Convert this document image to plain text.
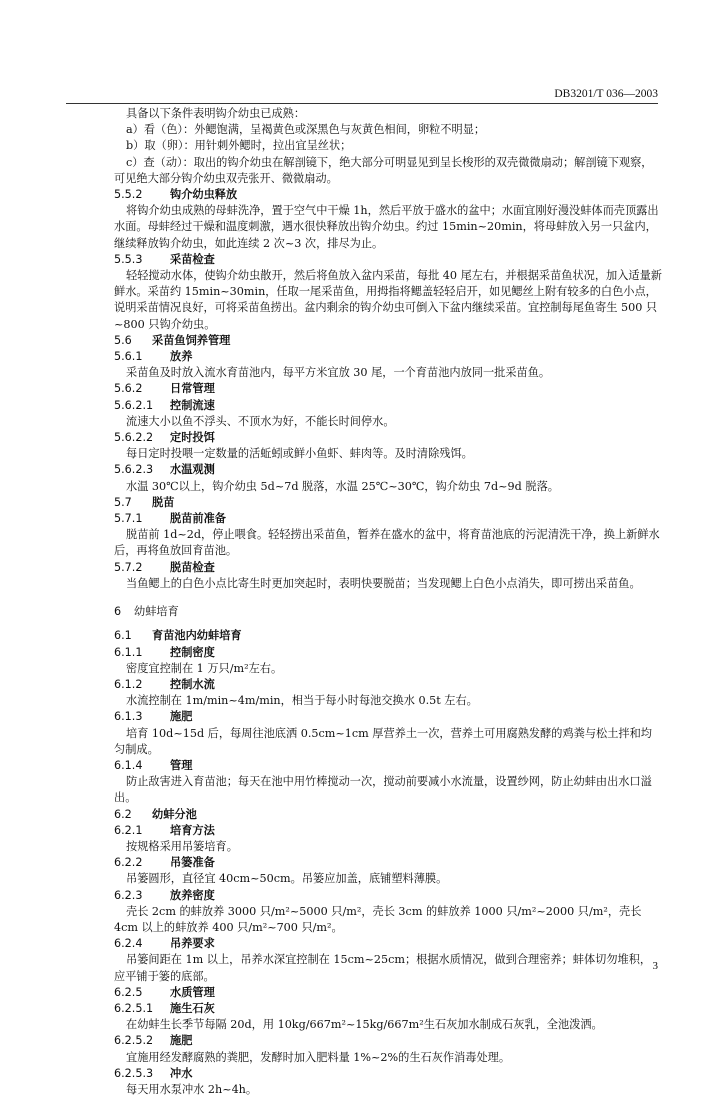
DB3201/T 036—2003

具备以下条件表明钩介幼虫已成熟：

a）看（色）：外鳃饱满，呈褐黄色或深黑色与灰黄色相间，卵粒不明显；

b）取（卵）：用针刺外鳃时，拉出宜呈丝状；

c）查（动）：取出的钩介幼虫在解剖镜下，绝大部分可明显见到呈长梭形的双壳微微扇动；解剖镜下观察，可见绝大部分钩介幼虫双壳张开、微微扇动。

5.5.2 钩介幼虫释放

将钩介幼虫成熟的母蚌洗净，置于空气中干燥 1h，然后平放于盛水的盆中；水面宜刚好漫没蚌体而壳顶露出水面。母蚌经过干燥和温度刺激，遇水很快释放出钩介幼虫。约过 15min~20min，将母蚌放入另一只盆内，继续释放钩介幼虫，如此连续 2 次~3 次，排尽为止。

5.5.3 采苗检查

轻轻搅动水体，使钩介幼虫散开，然后将鱼放入盆内采苗，每批 40 尾左右，并根据采苗鱼状况，加入适量新鲜水。采苗约 15min~30min，任取一尾采苗鱼，用拇指将鳃盖轻轻启开，如见鳃丝上附有较多的白色小点，说明采苗情况良好，可将采苗鱼捞出。盆内剩余的钩介幼虫可倒入下盆内继续采苗。宜控制每尾鱼寄生 500 只~800 只钩介幼虫。

5.6 采苗鱼饲养管理

5.6.1 放养

采苗鱼及时放入流水育苗池内，每平方米宜放 30 尾，一个育苗池内放同一批采苗鱼。

5.6.2 日常管理

5.6.2.1 控制流速

流速大小以鱼不浮头、不顶水为好，不能长时间停水。

5.6.2.2 定时投饵

每日定时投喂一定数量的活蚯蚓或鲜小鱼虾、蚌肉等。及时清除残饵。

5.6.2.3 水温观测

水温 30℃以上，钩介幼虫 5d~7d 脱落，水温 25℃~30℃，钩介幼虫 7d~9d 脱落。

5.7 脱苗

5.7.1 脱苗前准备

脱苗前 1d~2d，停止喂食。轻轻捞出采苗鱼，暂养在盛水的盆中，将育苗池底的污泥清洗干净，换上新鲜水后，再将鱼放回育苗池。

5.7.2 脱苗检查

当鱼鳃上的白色小点比寄生时更加突起时，表明快要脱苗；当发现鳃上白色小点消失，即可捞出采苗鱼。

6 幼蚌培育

6.1 育苗池内幼蚌培育

6.1.1 控制密度

密度宜控制在 1 万只/m²左右。

6.1.2 控制水流

水流控制在 1m/min~4m/min，相当于每小时每池交换水 0.5t 左右。

6.1.3 施肥

培育 10d~15d 后，每周往池底洒 0.5cm~1cm 厚营养土一次，营养土可用腐熟发酵的鸡粪与松土拌和均匀制成。

6.1.4 管理

防止敌害进入育苗池；每天在池中用竹棒搅动一次，搅动前要减小水流量，设置纱网，防止幼蚌由出水口溢出。

6.2 幼蚌分池

6.2.1 培育方法

按规格采用吊篓培育。

6.2.2 吊篓准备

吊篓圆形，直径宜 40cm~50cm。吊篓应加盖，底铺塑料薄膜。

6.2.3 放养密度

壳长 2cm 的蚌放养 3000 只/m²~5000 只/m²，壳长 3cm 的蚌放养 1000 只/m²~2000 只/m²，壳长 4cm 以上的蚌放养 400 只/m²~700 只/m²。

6.2.4 吊养要求

吊篓间距在 1m 以上，吊养水深宜控制在 15cm~25cm；根据水质情况，做到合理密养；蚌体切勿堆积，应平铺于篓的底部。

6.2.5 水质管理

6.2.5.1 施生石灰

在幼蚌生长季节每隔 20d，用 10kg/667m²~15kg/667m²生石灰加水制成石灰乳，全池泼洒。

6.2.5.2 施肥

宜施用经发酵腐熟的粪肥，发酵时加入肥料量 1%~2%的生石灰作消毒处理。

6.2.5.3 冲水

每天用水泵冲水 2h~4h。

3
